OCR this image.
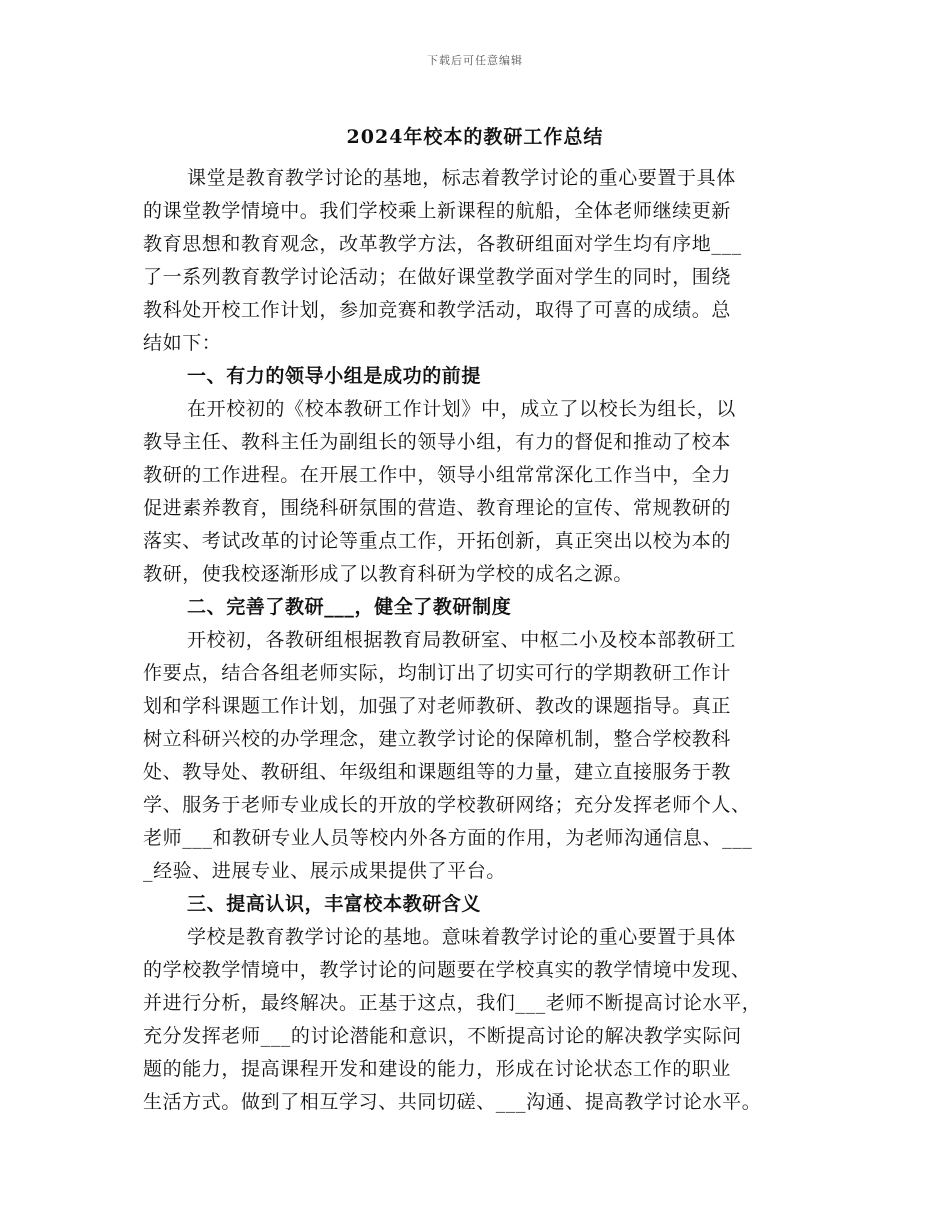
下载后可任意编辑
2024年校本的教研工作总结
课堂是教育教学讨论的基地，标志着教学讨论的重心要置于具体
的课堂教学情境中。我们学校乘上新课程的航船，全体老师继续更新
教育思想和教育观念，改革教学方法，各教研组面对学生均有序地___
了一系列教育教学讨论活动；在做好课堂教学面对学生的同时，围绕
教科处开校工作计划，参加竞赛和教学活动，取得了可喜的成绩。总
结如下：
一、有力的领导小组是成功的前提
在开校初的《校本教研工作计划》中，成立了以校长为组长，以
教导主任、教科主任为副组长的领导小组，有力的督促和推动了校本
教研的工作进程。在开展工作中，领导小组常常深化工作当中，全力
促进素养教育，围绕科研氛围的营造、教育理论的宣传、常规教研的
落实、考试改革的讨论等重点工作，开拓创新，真正突出以校为本的
教研，使我校逐渐形成了以教育科研为学校的成名之源。
二、完善了教研___，健全了教研制度
开校初，各教研组根据教育局教研室、中枢二小及校本部教研工
作要点，结合各组老师实际，均制订出了切实可行的学期教研工作计
划和学科课题工作计划，加强了对老师教研、教改的课题指导。真正
树立科研兴校的办学理念，建立教学讨论的保障机制，整合学校教科
处、教导处、教研组、年级组和课题组等的力量，建立直接服务于教
学、服务于老师专业成长的开放的学校教研网络；充分发挥老师个人、
老师___和教研专业人员等校内外各方面的作用，为老师沟通信息、___
_经验、进展专业、展示成果提供了平台。
三、提高认识，丰富校本教研含义
学校是教育教学讨论的基地。意味着教学讨论的重心要置于具体
的学校教学情境中，教学讨论的问题要在学校真实的教学情境中发现、
并进行分析，最终解决。正基于这点，我们___老师不断提高讨论水平，
充分发挥老师___的讨论潜能和意识，不断提高讨论的解决教学实际问
题的能力，提高课程开发和建设的能力，形成在讨论状态工作的职业
生活方式。做到了相互学习、共同切磋、___沟通、提高教学讨论水平。
